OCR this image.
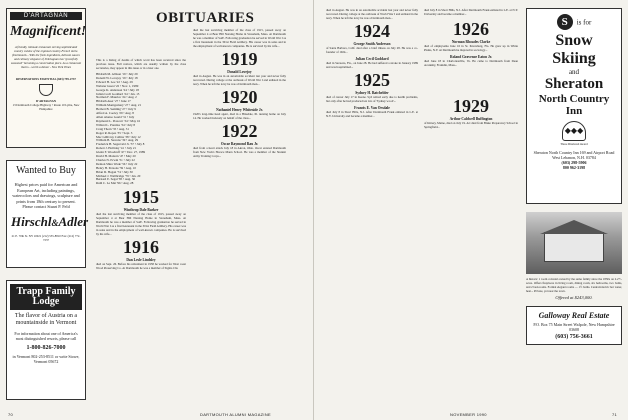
D'ARTAGNAN
Magnificent!
A friendly, intimate restaurant serving sophisticated country cuisine of the regional country-French niche. (Dartmouth... With the fresh ingredients, delicate sauces and culinary elegance of D'Artagnan has "gracefully seasoned" becoming a conversation piece. As a restaurant that is... worth a detour - New York Times
RESERVATIONS ESSENTIAL (603) 795-2737
D'ARTAGNAN
13 Dartmouth College Highway • Route 10 Lyme, New Hampshire
Wanted to Buy
Highest prices paid for American and European Art, including paintings, watercolors and drawings, sculpture and prints from 18th century to present. Please contact Stuart P. Feld
Hirschl&Adler
21 E. 70th St. NY 10021 (212) 535-8810 Fax: (212) 772-7237
Trapp Family Lodge
The flavor of Austria on a mountainside in Vermont
For information about one of America's most distinguished resorts, please call
1-800-826-7000
in Vermont 802-253-8511 or write Stowe, Vermont 05672
OBITUARIES
This is a listing of deaths of which word has been received since the previous issue. Full notices, which are usually written by the class secretaries, may appear in this issue or in a later one.
Hildreth M. Allison '19 • July 29
Donald W. Lovejoy '19 • July 18
Edward H. Lee '22 • Aug. 29
Webster Guest '22 • Nov. 1, 1989
George K. Anderson '24 • July 18
Julian Cecil Goddard '24 • Jan. 15
Norman F. Maurice '24 • Aug. 2
Hildreth Auer '27 • June 17
William Montgomery '27 • Aug. 21
Herbert B. Semmig '27 • July 9
Alfred A. Cooley '29 • Aug. 8
Allen Alonso Gould '31 • July
Raymond L. Prescott '34 • May 16
Willard L. Prentiss '34 • July 8
Craig Thorn '35 • Aug. 31
Roger R. Ropes '35 • Sept. 3
Mac Gillivray Collins '38 • July 12
William B. Stevens '39 • Aug. 29
Frederick H. Sagerveld Jr. '37 • July 8
Robert J. Holliday '41 • July 21
Glenn F. Woodruff '47 • Dec. 27, 1989
David H. Mattern '47 • May 20
Charles N. Erwin '51 • July 22
Denton Shire Wade '56 • July 22
Henry H. Persons '59 • Aug. 10
Brian D. Hogan '74 • July 30
Michael J. Wallbridge '79 • Jan. 20
Bernard E. Segal '85 • Aug. 30
Ruth C. Le Mat '96 • Aug. 28
1915
Winthrop Dale Barker
died the last surviving member of the class of 1915, passed away on September 4 at Bear Hill Nursing Home in Stoneham, Mass. At Dartmouth he was a member of SAE. Following graduation he served in World War I as a first lieutenant in the 301st Field Artillery. His career was in sales and in the employment of well-known companies. He is survived by his wife...
1916
Dan Lesle Lindsley
died on Sept. 26. Before his retirement in 1958 he worked for West coast Wood Preserving Co. At Dartmouth he was a member of Sigma Chi.
died the last surviving member of the class of 1915, passed away on September 4 at Bear Hill Nursing Home in Stoneham, Mass. At Dartmouth he was a member of SAE. Following graduation he served in World War I as a first lieutenant in the 301st Field Artillery. His career was in sales and in the employment of well-known companies. He is survived by his wife...
1919
Donald Lovejoy
died in August. He was in an automobile accident last year and never fully recovered. During college at the outbreak of World War I and enlisted in the navy. When he left the navy he was a Dartmouth man...
1920
Nathaniel Henry Whiteside Jr.
1920's long-time head agent, died in a Hinsdale, Ill. nursing home on July 14. He worked tirelessly on behalf of the class...
1922
Oscar Raymond Rau Jr.
died from a heart attack July 18 in Akron, Ohio. Oscar entered Dartmouth from New York's Horace Mann School. He was a member of the Student Army Training Corps...
died in August. He was in an automobile accident last year and never fully recovered. During college at the outbreak of World War I and enlisted in the navy. When he left the navy he was a Dartmouth man...
1924
George Smith Anderson
of Santa Barbara, Calif. died after a brief illness on July 28. He was a co-founder of 1924...
Julian Cecil Goddard
died in Sarasota, Fla., on June 28. He had suffered a stroke in January 1989 and was hospitalized...
1925
Sydney H. Batchelder
died of cancer July 17 in Keene. Syd retired early due to health problems, but only after he had produced ten lots of 'Sydney wood'...
Francis E. Van Orsdale
died July 8 in Short Hills, N.J. After Dartmouth Frank enlisted in L.E. at N.Y. University and became a member...
died July 8 in Short Hills, N.J. After Dartmouth Frank enlisted in L.E. at N.Y. University and became a member...
1926
Norman Rhoades Clarke
died of emphysema June 16 in St. Petersburg, Fla. He grew up in White Plains, N.Y. At Dartmouth he majored in sociology...
Roland Gravenor Eaton Jr.
died June 18 in Charlottesville, Va. He came to Dartmouth from Dean Academy, Franklin, Mass...
1929
Arthur Caldwell Buffington
of Kittery, Maine, died on July 19. Art died from Blake Preparatory School in Springfield...
S is for
Snow
Skiing
and
Sheraton
North Country
Inn
◆◆◆
Three Diamond Award
Sheraton North Country Inn 169 and Airport Road West Lebanon, N.H. 03784
(603) 298-5906
800 962-3198
A historic 1 room colonial owned by the same family since the 1830s on 2.2+/- acres. Offers fireplaces in living room, dining room, six bedrooms, two baths, and 2 bed-rooms. Formal elegant rooms — 1½ baths. Central/electric hot water, heat... Private, yet near the town.
Offered at $243,000.
Galloway Real Estate
P.O. Box 75 Main Street Walpole, New Hampshire 03608
(603) 756-3661
70	DARTMOUTH ALUMNI MAGAZINE	NOVEMBER 1990	71
